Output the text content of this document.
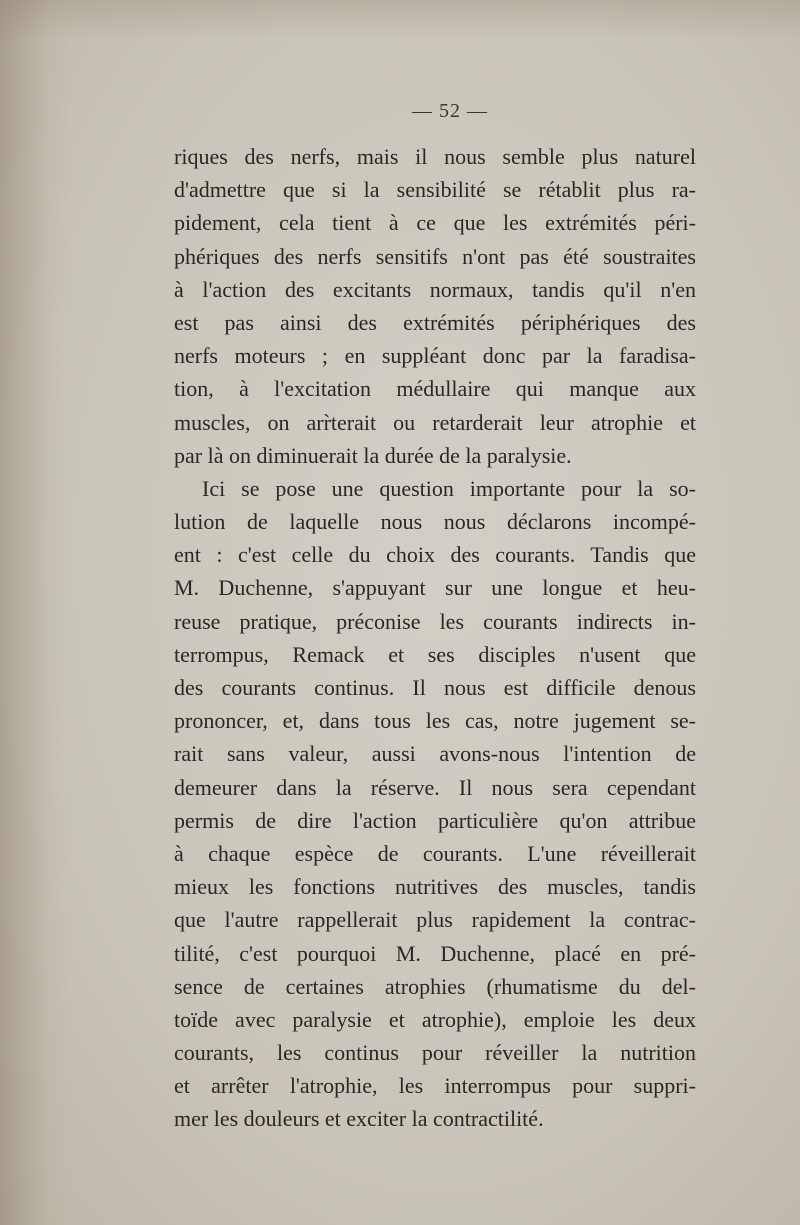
— 52 —
riques des nerfs, mais il nous semble plus naturel
d'admettre que si la sensibilité se rétablit plus ra-
pidement, cela tient à ce que les extrémités péri-
phériques des nerfs sensitifs n'ont pas été soustraites
à l'action des excitants normaux, tandis qu'il n'en
est pas ainsi des extrémités périphériques des
nerfs moteurs ; en suppléant donc par la faradisa-
tion, à l'excitation médullaire qui manque aux
muscles, on arr̀terait ou retarderait leur atrophie et
par là on diminuerait la durée de la paralysie.
Ici se pose une question importante pour la so-
lution de laquelle nous nous déclarons incompé-
ent : c'est celle du choix des courants. Tandis que
M. Duchenne, s'appuyant sur une longue et heu-
reuse pratique, préconise les courants indirects in-
terrompus, Remack et ses disciples n'usent que
des courants continus. Il nous est difficile denous
prononcer, et, dans tous les cas, notre jugement se-
rait sans valeur, aussi avons-nous l'intention de
demeurer dans la réserve. Il nous sera cependant
permis de dire l'action particulière qu'on attribue
à chaque espèce de courants. L'une réveillerait
mieux les fonctions nutritives des muscles, tandis
que l'autre rappellerait plus rapidement la contrac-
tilité, c'est pourquoi M. Duchenne, placé en pré-
sence de certaines atrophies (rhumatisme du del-
toïde avec paralysie et atrophie), emploie les deux
courants, les continus pour réveiller la nutrition
et arrêter l'atrophie, les interrompus pour suppri-
mer les douleurs et exciter la contractilité.
